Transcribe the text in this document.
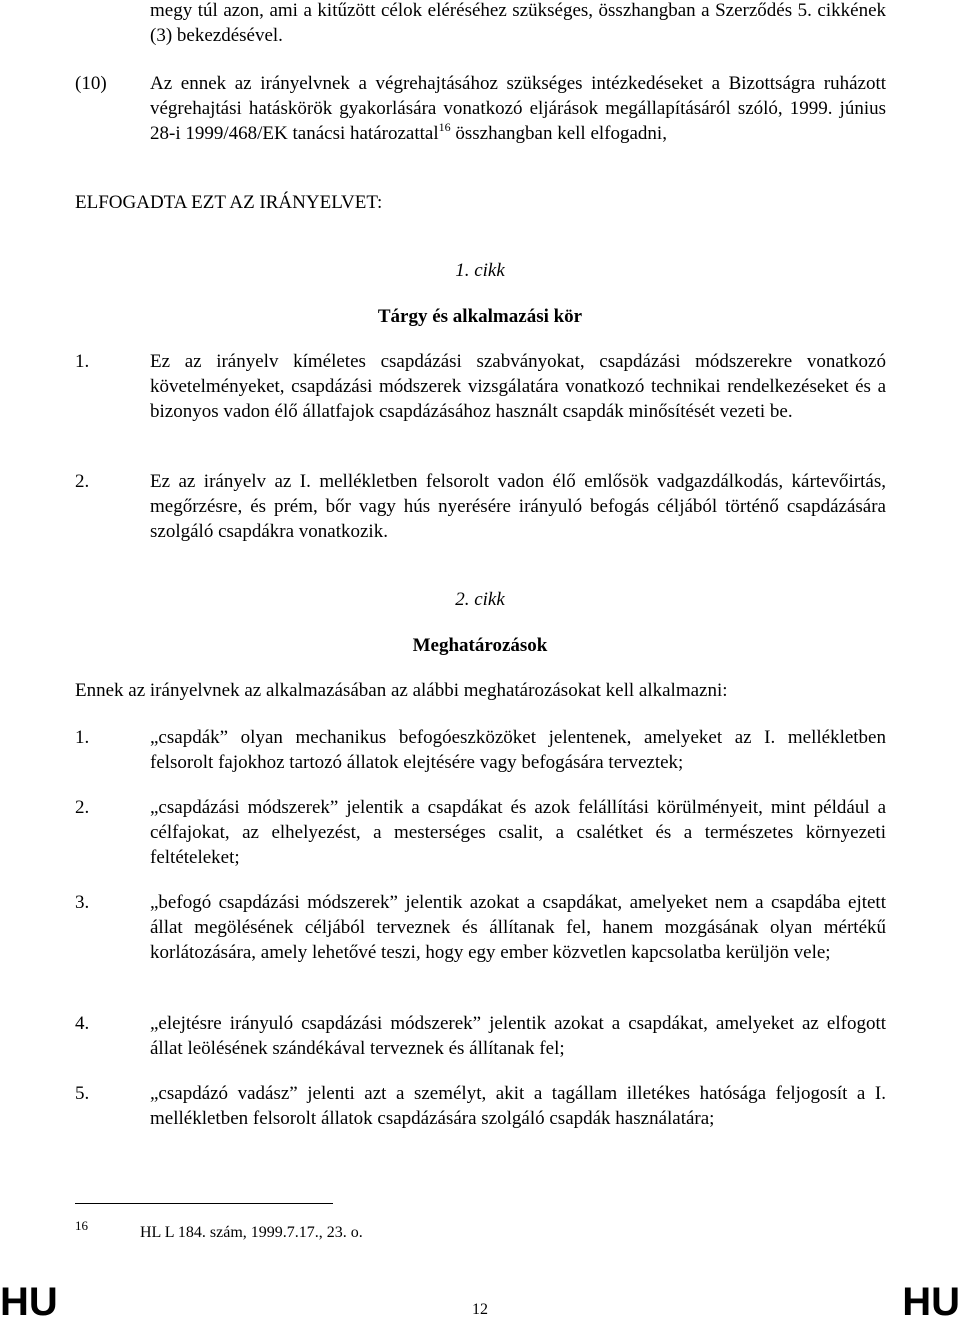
megy túl azon, ami a kitűzött célok eléréséhez szükséges, összhangban a Szerződés 5. cikkének (3) bekezdésével.
(10) Az ennek az irányelvnek a végrehajtásához szükséges intézkedéseket a Bizottságra ruházott végrehajtási hatáskörök gyakorlására vonatkozó eljárások megállapításáról szóló, 1999. június 28-i 1999/468/EK tanácsi határozattal$^{16}$ összhangban kell elfogadni,
ELFOGADTA EZT AZ IRÁNYELVET:
1. cikk
Tárgy és alkalmazási kör
1.	Ez az irányelv kíméletes csapdázási szabványokat, csapdázási módszerekre vonatkozó követelményeket, csapdázási módszerek vizsgálatára vonatkozó technikai rendelkezéseket és a bizonyos vadon élő állatfajok csapdázásához használt csapdák minősítését vezeti be.
2.	Ez az irányelv az I. mellékletben felsorolt vadon élő emlősök vadgazdálkodás, kártevőirtás, megőrzésre, és prém, bőr vagy hús nyerésére irányuló befogás céljából történő csapdázására szolgáló csapdákra vonatkozik.
2. cikk
Meghatározások
Ennek az irányelvnek az alkalmazásában az alábbi meghatározásokat kell alkalmazni:
1.	„csapdák” olyan mechanikus befogóeszközöket jelentenek, amelyeket az I. mellékletben felsorolt fajokhoz tartozó állatok elejtésére vagy befogására terveztek;
2.	„csapdázási módszerek” jelentik a csapdákat és azok felállítási körülményeit, mint például a célfajokat, az elhelyezést, a mesterséges csalit, a csalétket és a természetes környezeti feltételeket;
3.	„befogó csapdázási módszerek” jelentik azokat a csapdákat, amelyeket nem a csapdába ejtett állat megölésének céljából terveznek és állítanak fel, hanem mozgásának olyan mértékű korlátozására, amely lehetővé teszi, hogy egy ember közvetlen kapcsolatba kerüljön vele;
4.	„elejtésre irányuló csapdázási módszerek” jelentik azokat a csapdákat, amelyeket az elfogott állat leölésének szándékával terveznek és állítanak fel;
5.	„csapdázó vadász” jelenti azt a személyt, akit a tagállam illetékes hatósága feljogosít a I. mellékletben felsorolt állatok csapdázására szolgáló csapdák használatára;
16	HL L 184. szám, 1999.7.17., 23. o.
HU	12	HU
